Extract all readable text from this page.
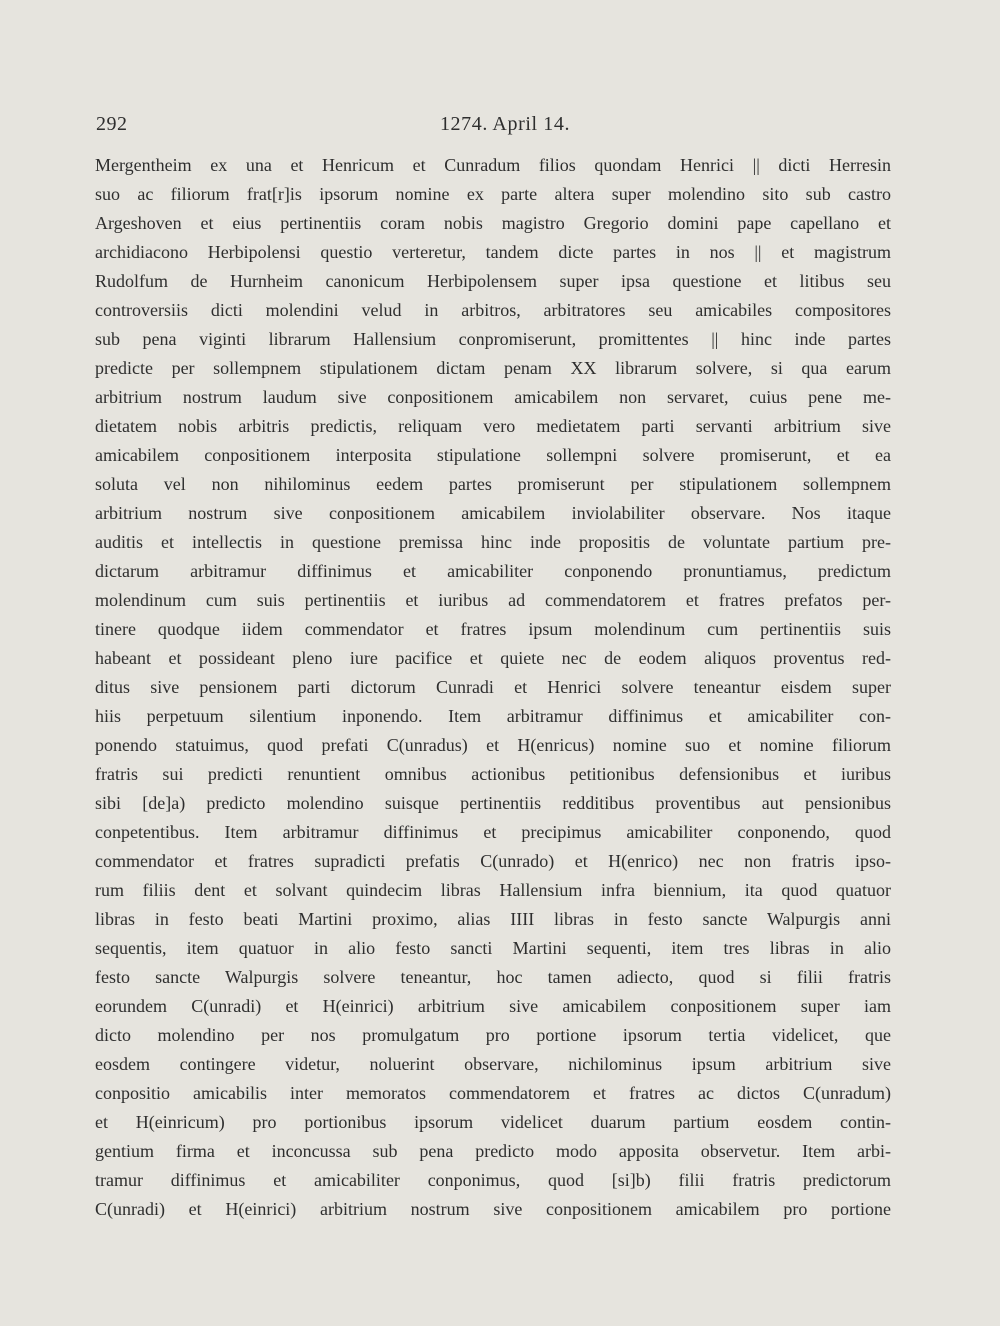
292	1274. April 14.
Mergentheim ex una et Henricum et Cunradum filios quondam Henrici || dicti Herresin
suo ac filiorum frat[r]is ipsorum nomine ex parte altera super molendino sito sub castro
Argeshoven et eius pertinentiis coram nobis magistro Gregorio domini pape capellano et
archidiacono Herbipolensi questio verteretur, tandem dicte partes in nos || et magistrum
Rudolfum de Hurnheim canonicum Herbipolensem super ipsa questione et litibus seu
controversiis dicti molendini velud in arbitros, arbitratores seu amicabiles compositores
sub pena viginti librarum Hallensium conpromiserunt, promittentes || hinc inde partes
predicte per sollempnem stipulationem dictam penam XX librarum solvere, si qua earum
arbitrium nostrum laudum sive conpositionem amicabilem non servaret, cuius pene me-
dietatem nobis arbitris predictis, reliquam vero medietatem parti servanti arbitrium sive
amicabilem conpositionem interposita stipulatione sollempni solvere promiserunt, et ea
soluta vel non nihilominus eedem partes promiserunt per stipulationem sollempnem
arbitrium nostrum sive conpositionem amicabilem inviolabiliter observare. Nos itaque
auditis et intellectis in questione premissa hinc inde propositis de voluntate partium pre-
dictarum arbitramur diffinimus et amicabiliter conponendo pronuntiamus, predictum
molendinum cum suis pertinentiis et iuribus ad commendatorem et fratres prefatos per-
tinere quodque iidem commendator et fratres ipsum molendinum cum pertinentiis suis
habeant et possideant pleno iure pacifice et quiete nec de eodem aliquos proventus red-
ditus sive pensionem parti dictorum Cunradi et Henrici solvere teneantur eisdem super
hiis perpetuum silentium inponendo. Item arbitramur diffinimus et amicabiliter con-
ponendo statuimus, quod prefati C(unradus) et H(enricus) nomine suo et nomine filiorum
fratris sui predicti renuntient omnibus actionibus petitionibus defensionibus et iuribus
sibi [de]a) predicto molendino suisque pertinentiis redditibus proventibus aut pensionibus
conpetentibus. Item arbitramur diffinimus et precipimus amicabiliter conponendo, quod
commendator et fratres supradicti prefatis C(unrado) et H(enrico) nec non fratris ipso-
rum filiis dent et solvant quindecim libras Hallensium infra biennium, ita quod quatuor
libras in festo beati Martini proximo, alias IIII libras in festo sancte Walpurgis anni
sequentis, item quatuor in alio festo sancti Martini sequenti, item tres libras in alio
festo sancte Walpurgis solvere teneantur, hoc tamen adiecto, quod si filii fratris
eorundem C(unradi) et H(einrici) arbitrium sive amicabilem conpositionem super iam
dicto molendino per nos promulgatum pro portione ipsorum tertia videlicet, que
eosdem contingere videtur, noluerint observare, nichilominus ipsum arbitrium sive
conpositio amicabilis inter memoratos commendatorem et fratres ac dictos C(unradum)
et H(einricum) pro portionibus ipsorum videlicet duarum partium eosdem contin-
gentium firma et inconcussa sub pena predicto modo apposita observetur. Item arbi-
tramur diffinimus et amicabiliter conponimus, quod [si]b) filii fratris predictorum
C(unradi) et H(einrici) arbitrium nostrum sive conpositionem amicabilem pro portione
